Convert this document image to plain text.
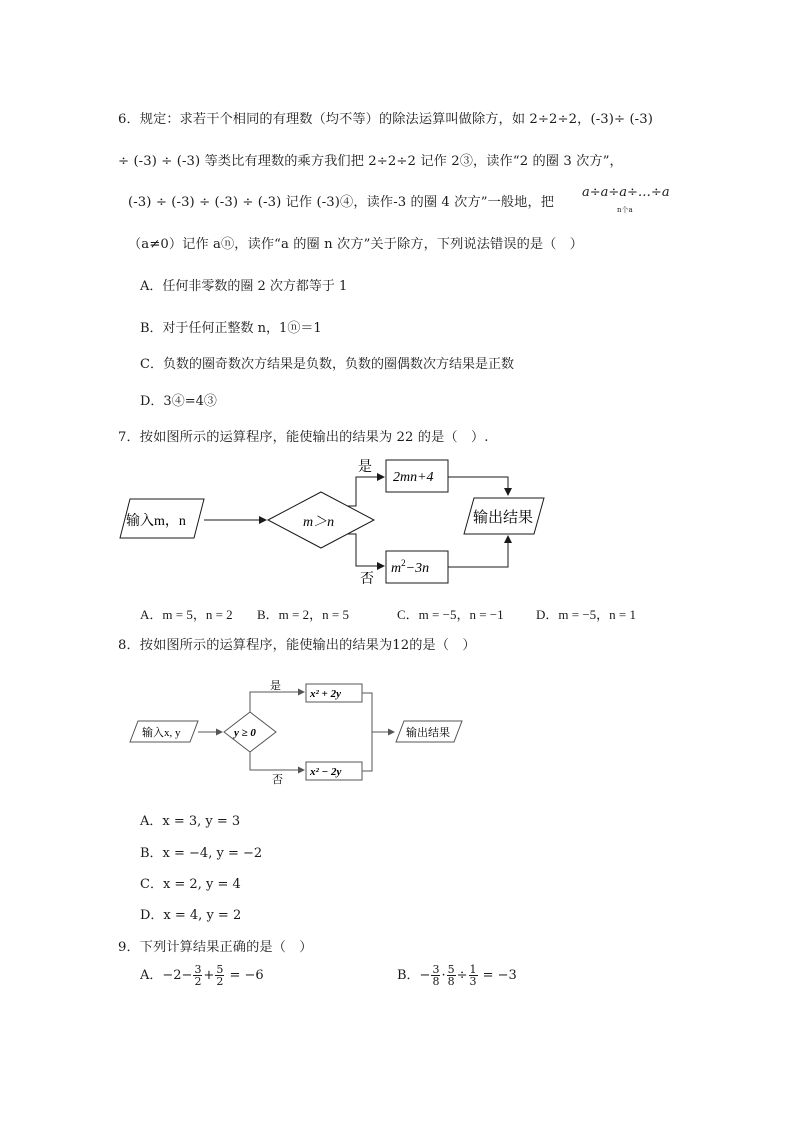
6．规定：求若干个相同的有理数（均不等）的除法运算叫做除方，如 2÷2÷2，(-3)÷ (-3)
÷ (-3) ÷ (-3) 等类比有理数的乘方我们把 2÷2÷2 记作 2③，读作“2 的圈 3 次方”，
(-3) ÷ (-3) ÷ (-3) ÷ (-3) 记作 (-3)④，读作-3 的圈 4 次方”一般地，把
a÷a÷a÷…÷a
n个a
（a≠0）记作 aⓝ，读作“a 的圈 n 次方”关于除方，下列说法错误的是（　）
A．任何非零数的圈 2 次方都等于 1
B．对于任何正整数 n，1ⓝ＝1
C．负数的圈奇数次方结果是负数，负数的圈偶数次方结果是正数
D．3④=4③
7．按如图所示的运算程序，能使输出的结果为 22 的是（　）.
输入m，n	m＞n
是
否
2mn+4
$m^2-3n$
输出结果
A．m = 5，n = 2 B．m = 2，n = 5	C．m = −5，n = −1 D．m = −5，n = 1
8．按如图所示的运算程序，能使输出的结果为12的是（　）
输入x, y	y ≥ 0
是
否
x² + 2y
x² − 2y
输出结果
A．x = 3, y = 3
B．x = −4, y = −2
C．x = 2, y = 4
D．x = 4, y = 2
9．下列计算结果正确的是（　）
A．$-2- \frac{3}{2} + \frac{5}{2} = -6$	B．− $\frac{3}{8} \cdot \frac{5}{8} \div \frac{1}{3} = -3$
